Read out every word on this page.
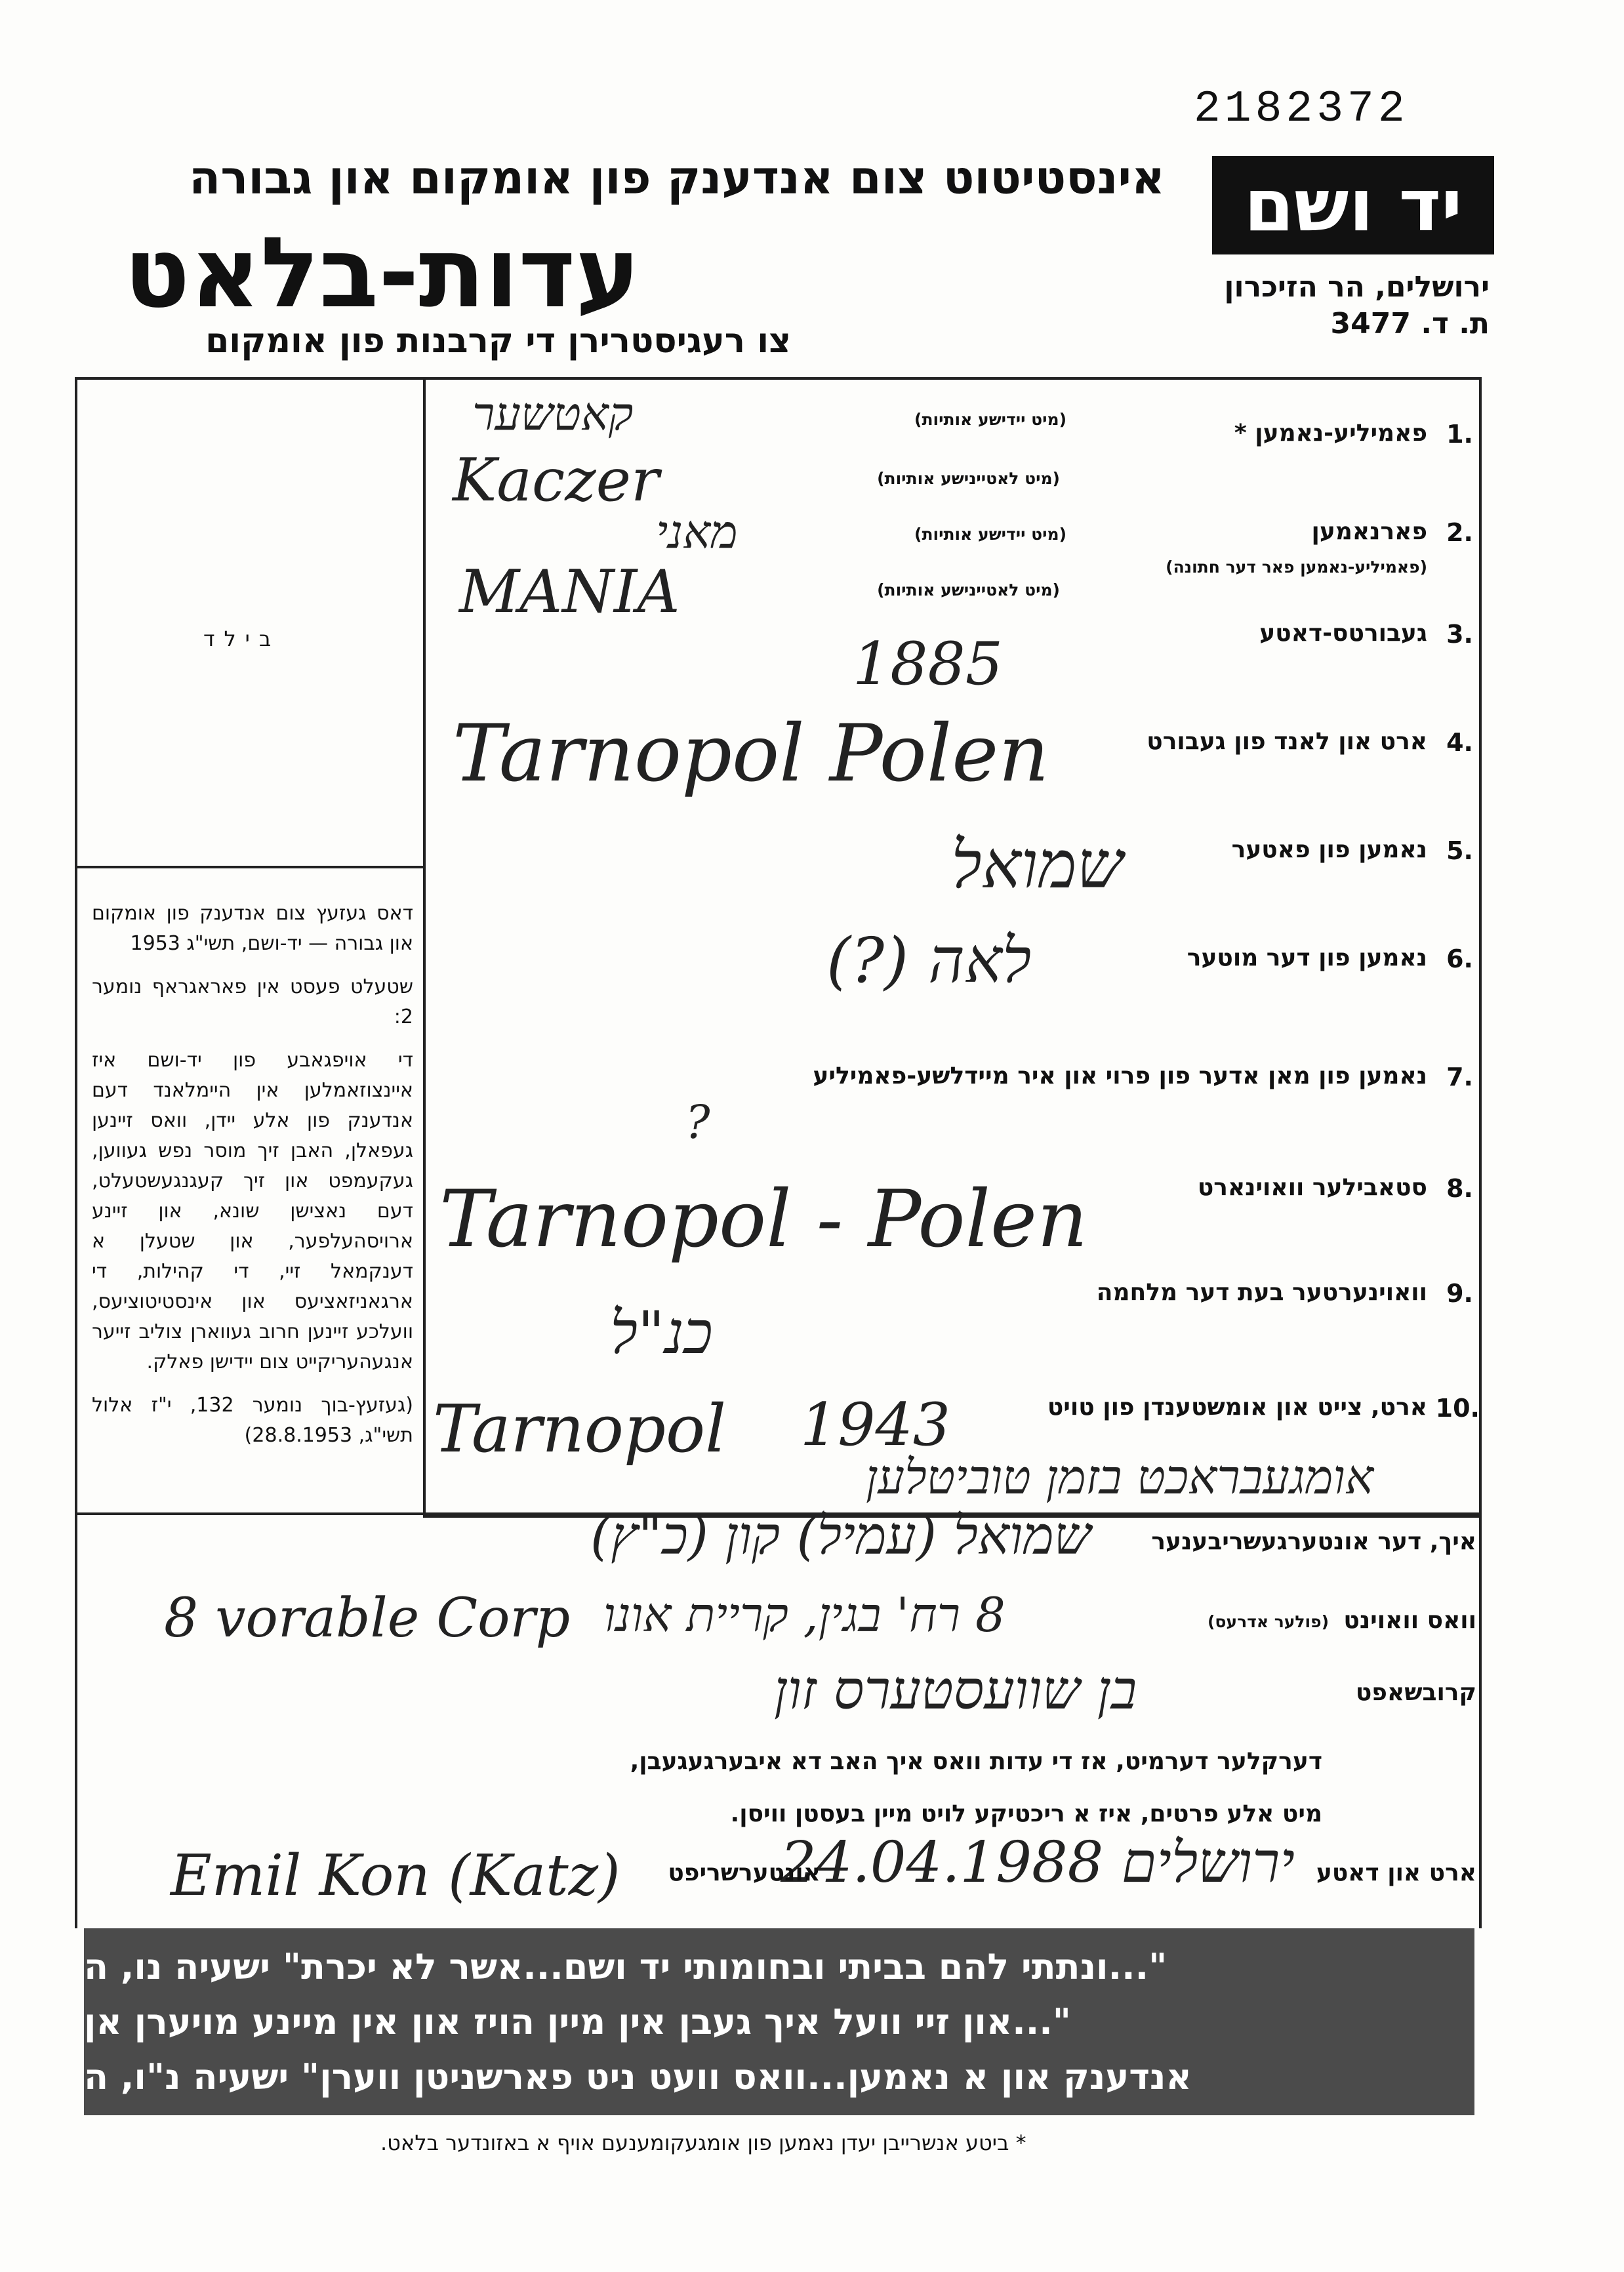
2182372
יד ושם
אינסטיטוט צום אנדענק פון אומקום און גבורה
עדות-בלאט
צו רעגיסטרירן די קרבנות פון אומקום
ירושלים, הר הזיכרון
ת. ד. 3477
בילד

דאס געזעץ צום אנדענק פון אומקום און גבורה — יד-ושם, תשי"ג 1953

שטעלט פעסט אין פאראגראף נומער 2:

די אויפגאבע פון יד-ושם איז איינצוזאמלען אין היימלאנד דעם אנדענק פון אלע יידן, וואס זיינען געפאלן, האבן זיך מוסר נפש געווען, געקעמפט און זיך קעגנגעשטעלט, דעם נאצישן שונא, און זיינע ארויסהעלפער, און שטעלן א דענקמאל זיי, די קהילות, די ארגאניזאציעס און אינסטיטוציעס, וועלכע זיינען חרוב געווארן צוליב זייער אנגעהעריקייט צום יידישן פאלק.

(געזעץ-בוך נומער 132, י"ז אלול תשי"ג, 28.8.1953)

1.
פאמיליע-נאמען *
(מיט יידישע אותיות)
(מיט לאטיינישע אותיות)
קאטשער
Kaczer
2.
פארנאמען
(פאמיליע-נאמען פאר דער חתונה)
(מיט יידישע אותיות)
(מיט לאטיינישע אותיות)
מאני
MANIA
3.
געבורטס-דאטע
1885
4.
ארט און לאנד פון געבורט
Tarnopol Polen
5.
נאמען פון פאטער
שמואל
6.
נאמען פון דער מוטער
לאה (?)
7.
נאמען פון מאן אדער פון פרוי און איר מיידלשע-פאמיליע
?
8.
סטאבילער וואוינארט
Tarnopol - Polen
9.
וואוינערטער בעת דער מלחמה
כנ"ל
10.
ארט, צייט און אומשטענדן פון טויט
Tarnopol 1943
אומגעבראכט בזמן טוביטלען
איך, דער אונטערגעשריבענער
שמואל (עמיל) קון (כ"ץ)
וואס וואוינט
(פולער אדרעס)
8 vorable Corp 8 רח' בגין, קריית אונו
קרובשאפט
בן שוועסטערס זון
דערקלער דערמיט, אז די עדות וואס איך האב דא איבערגעגעבן,
מיט אלע פרטים, איז א ריכטיקע לויט מיין בעסטן וויסן.
ארט און דאטע
ירושלים 24.04.1988
אונטערשריפט
Emil Kon (Katz)
"...ונתתי להם בביתי ובחומותי יד ושם...אשר לא יכרת" ישעיה נו, ה
"...און זיי וועל איך געבן אין מיין הויז און אין מיינע מויערן אן
אנדענק און א נאמען...וואס וועט ניט פארשניטן ווערן" ישעיה נ"ו, ה
* ביטע אנשרייבן יעדן נאמען פון אומגעקומענעם אויף א באזונדער בלאט.
